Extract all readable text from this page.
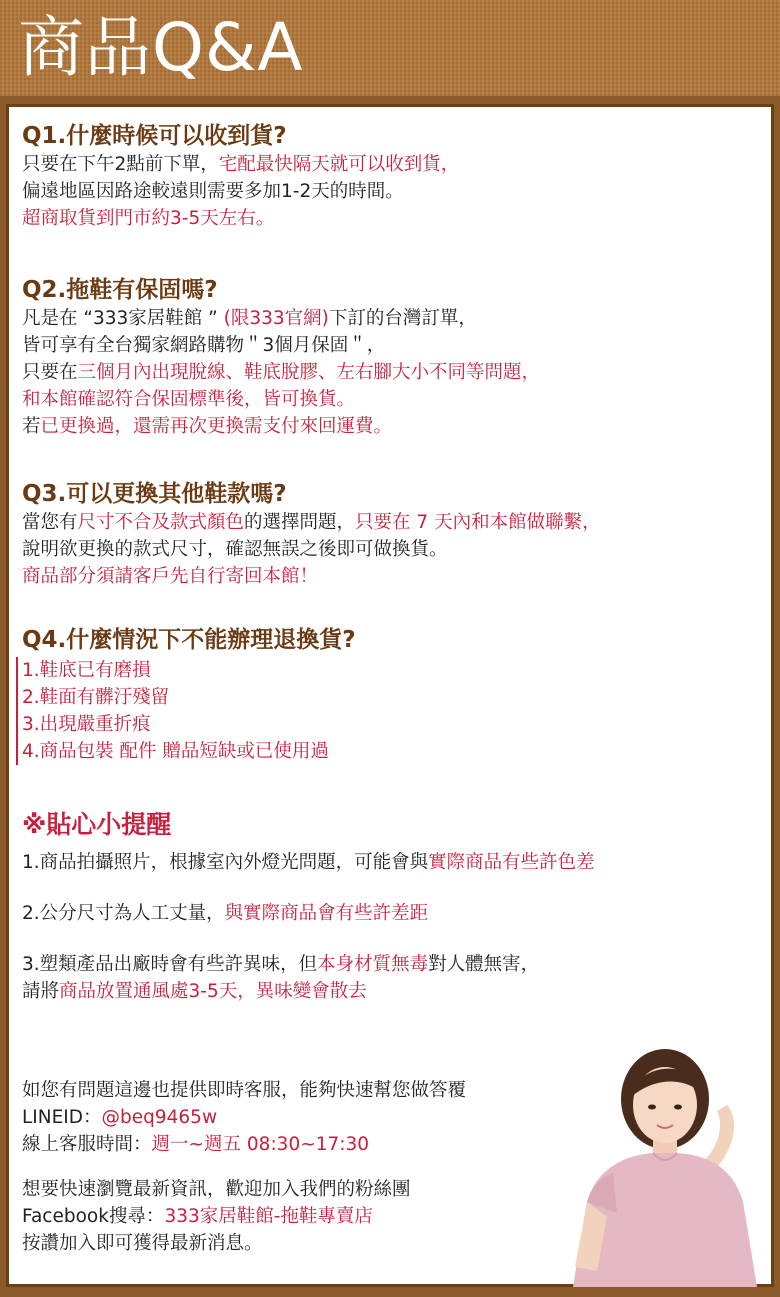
商品Q&A
Q1.什麼時候可以收到貨?
只要在下午2點前下單，宅配最快隔天就可以收到貨，
偏遠地區因路途較遠則需要多加1-2天的時間。
超商取貨到門市約3-5天左右。
Q2.拖鞋有保固嗎?
凡是在 “333家居鞋館 ” (限333官網)下訂的台灣訂單，
皆可享有全台獨家網路購物＂3個月保固＂，
只要在三個月內出現脫線、鞋底脫膠、左右腳大小不同等問題，
和本館確認符合保固標準後，皆可換貨。
若已更換過，還需再次更換需支付來回運費。
Q3.可以更換其他鞋款嗎?
當您有尺寸不合及款式顏色的選擇問題，只要在 7 天內和本館做聯繫，
說明欲更換的款式尺寸，確認無誤之後即可做換貨。
商品部分須請客戶先自行寄回本館！
Q4.什麼情況下不能辦理退換貨?
1.鞋底已有磨損
2.鞋面有髒汙殘留
3.出現嚴重折痕
4.商品包裝 配件 贈品短缺或已使用過
※貼心小提醒
1.商品拍攝照片，根據室內外燈光問題，可能會與實際商品有些許色差
2.公分尺寸為人工丈量，與實際商品會有些許差距
3.塑類產品出廠時會有些許異味，但本身材質無毒對人體無害，
請將商品放置通風處3-5天，異味變會散去
如您有問題這邊也提供即時客服，能夠快速幫您做答覆
LINEID：@beq9465w
線上客服時間：週一~週五 08:30~17:30
想要快速瀏覽最新資訊，歡迎加入我們的粉絲團
Facebook搜尋：333家居鞋館-拖鞋專賣店
按讚加入即可獲得最新消息。
